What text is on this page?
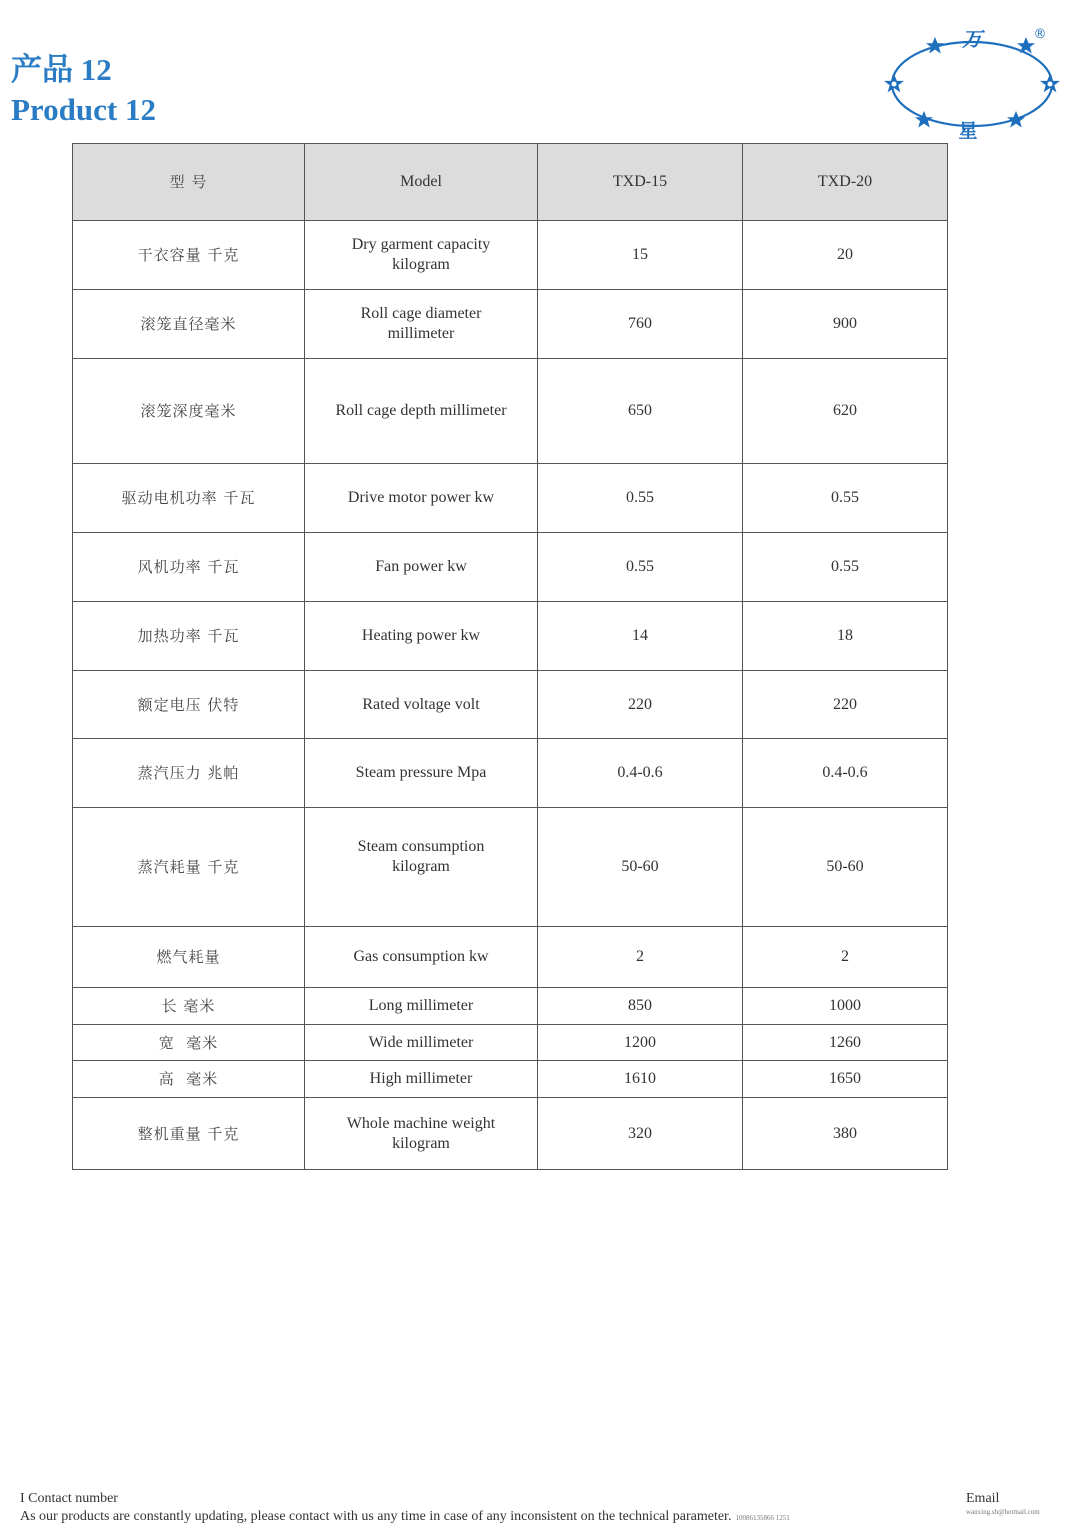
产品 12
Product 12
万
星
®
型 号	Model	TXD-15	TXD-20
干衣容量 千克	Dry garment capacity kilogram	15	20
滚笼直径毫米	Roll cage diameter millimeter	760	900
滚笼深度毫米	Roll cage depth millimeter	650	620
驱动电机功率 千瓦	Drive motor power kw	0.55	0.55
风机功率 千瓦	Fan power kw	0.55	0.55
加热功率 千瓦	Heating power kw	14	18
额定电压 伏特	Rated voltage volt	220	220
蒸汽压力 兆帕	Steam pressure Mpa	0.4-0.6	0.4-0.6
蒸汽耗量 千克	Steam consumption kilogram	50-60	50-60
燃气耗量	Gas consumption kw	2	2
长 毫米	Long millimeter	850	1000
宽  毫米	Wide millimeter	1200	1260
高  毫米	High millimeter	1610	1650
整机重量 千克	Whole machine weight kilogram	320	380
I Contact number
As our products are constantly updating, please contact with us any time in case of any inconsistent on the technical parameter. 10086135866 1251
Email
wanxing.sh@hotmail.com
